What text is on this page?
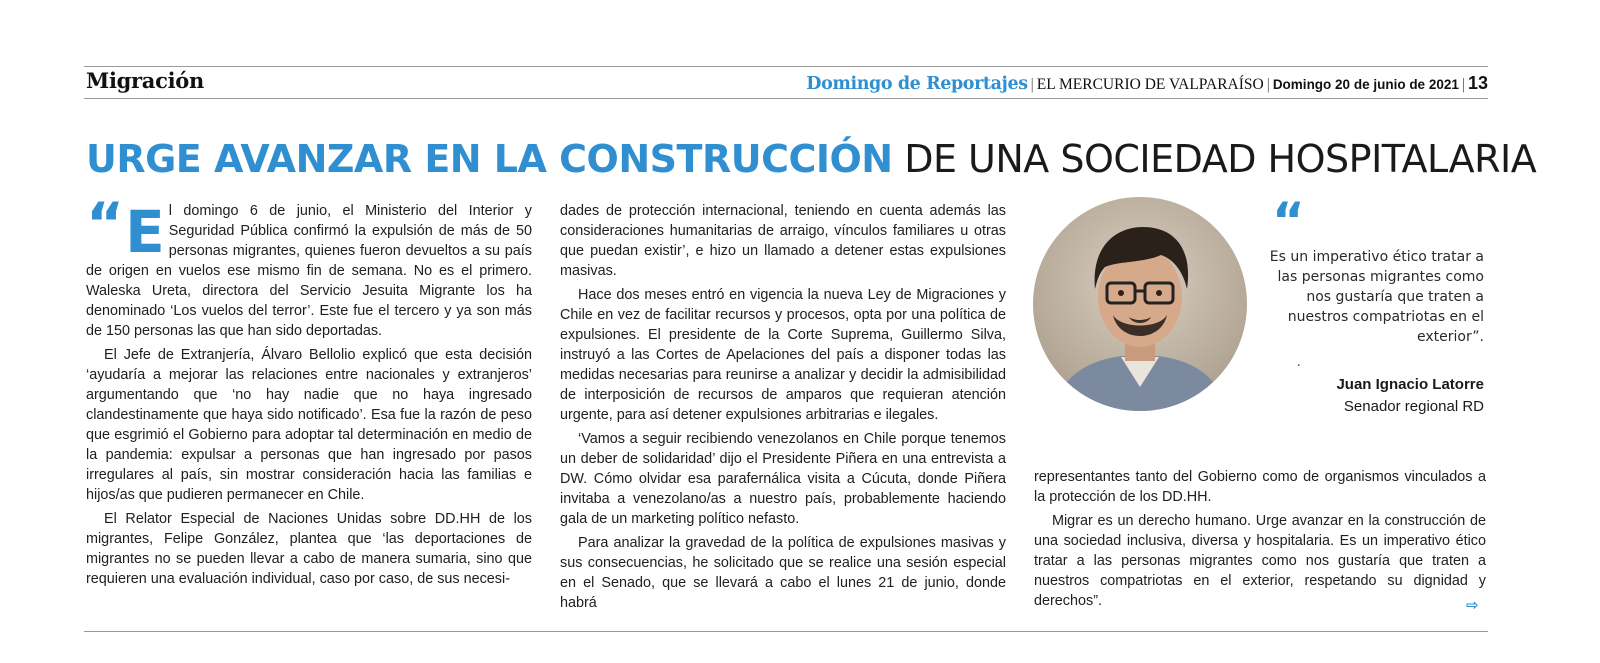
Migración	Domingo de Reportajes | EL MERCURIO DE VALPARAÍSO | Domingo 20 de junio de 2021 | 13
URGE AVANZAR EN LA CONSTRUCCIÓN DE UNA SOCIEDAD HOSPITALARIA
“ E l domingo 6 de junio, el Ministerio del Interior y Seguridad Pública confirmó la expulsión de más de 50 personas migrantes, quienes fueron devueltos a su país de origen en vuelos ese mismo fin de semana. No es el primero. Waleska Ureta, directora del Servicio Jesuita Migrante los ha denominado ‘Los vuelos del terror’. Este fue el tercero y ya son más de 150 personas las que han sido deportadas.

El Jefe de Extranjería, Álvaro Bellolio explicó que esta decisión ‘ayudaría a mejorar las relaciones entre nacionales y extranjeros’ argumentando que ‘no hay nadie que no haya ingresado clandestinamente que haya sido notificado’. Esa fue la razón de peso que esgrimió el Gobierno para adoptar tal determinación en medio de la pandemia: expulsar a personas que han ingresado por pasos irregulares al país, sin mostrar consideración hacia las familias e hijos/as que pudieren permanecer en Chile.

El Relator Especial de Naciones Unidas sobre DD.HH de los migrantes, Felipe González, plantea que ‘las deportaciones de migrantes no se pueden llevar a cabo de manera sumaria, sino que requieren una evaluación individual, caso por caso, de sus necesi-

dades de protección internacional, teniendo en cuenta además las consideraciones humanitarias de arraigo, vínculos familiares u otras que puedan existir’, e hizo un llamado a detener estas expulsiones masivas.

Hace dos meses entró en vigencia la nueva Ley de Migraciones y Chile en vez de facilitar recursos y procesos, opta por una política de expulsiones. El presidente de la Corte Suprema, Guillermo Silva, instruyó a las Cortes de Apelaciones del país a disponer todas las medidas necesarias para reunirse a analizar y decidir la admisibilidad de interposición de recursos de amparos que requieran atención urgente, para así detener expulsiones arbitrarias e ilegales.

‘Vamos a seguir recibiendo venezolanos en Chile porque tenemos un deber de solidaridad’ dijo el Presidente Piñera en una entrevista a DW. Cómo olvidar esa parafernálica visita a Cúcuta, donde Piñera invitaba a venezolano/as a nuestro país, probablemente haciendo gala de un marketing político nefasto.

Para analizar la gravedad de la política de expulsiones masivas y sus consecuencias, he solicitado que se realice una sesión especial en el Senado, que se llevará a cabo el lunes 21 de junio, donde habrá

“
Es un imperativo ético tratar a las personas migrantes como nos gustaría que traten a nuestros compatriotas en el exterior”.
.
Juan Ignacio Latorre
Senador regional RD

representantes tanto del Gobierno como de organismos vinculados a la protección de los DD.HH.

Migrar es un derecho humano. Urge avanzar en la construcción de una sociedad inclusiva, diversa y hospitalaria. Es un imperativo ético tratar a las personas migrantes como nos gustaría que traten a nuestros compatriotas en el exterior, respetando su dignidad y derechos”.	⇨
